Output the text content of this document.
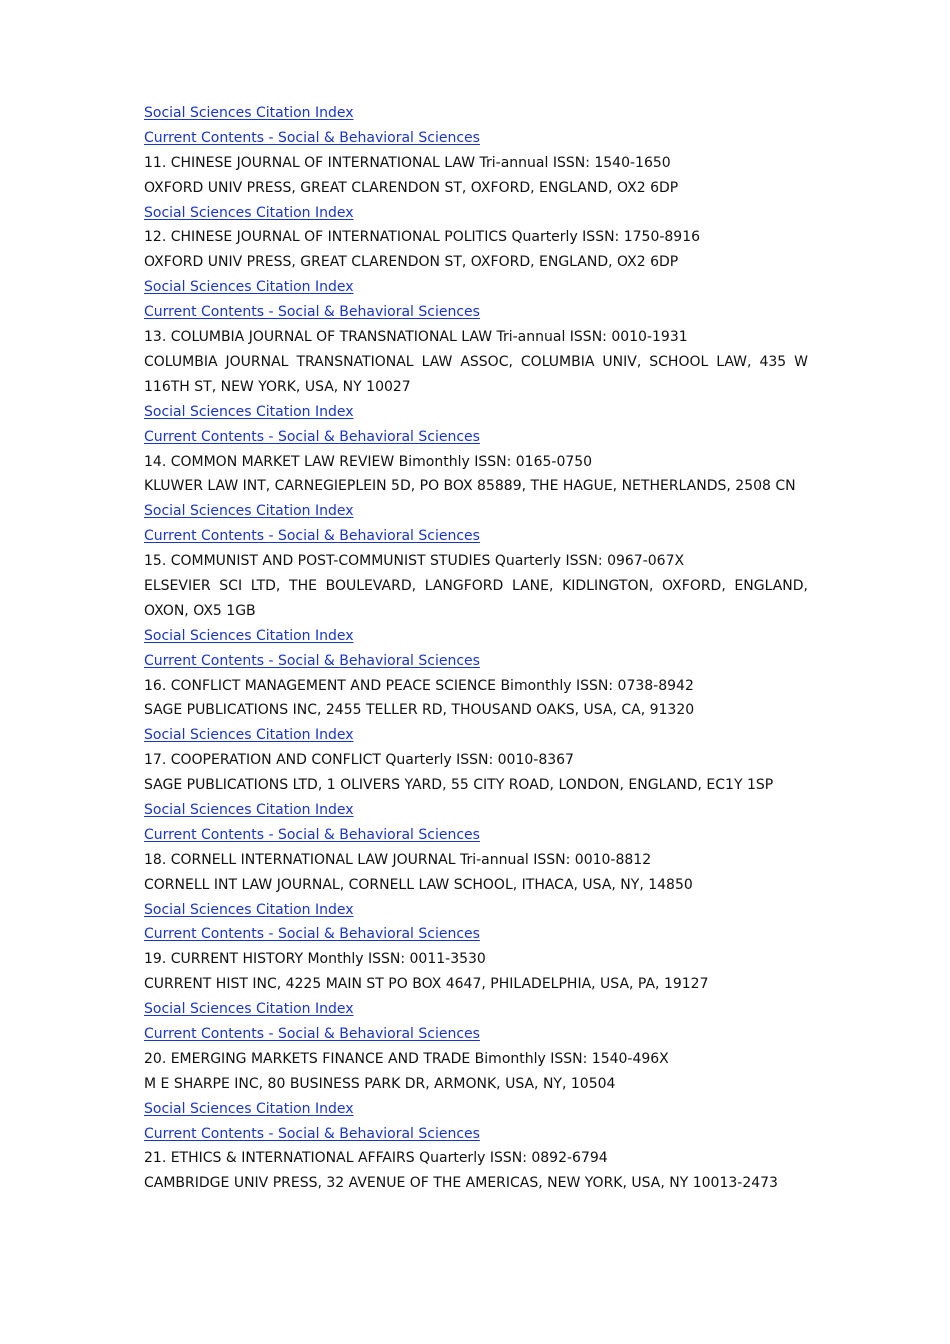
Social Sciences Citation Index
Current Contents - Social & Behavioral Sciences
11. CHINESE JOURNAL OF INTERNATIONAL LAW Tri-annual ISSN: 1540-1650
OXFORD UNIV PRESS, GREAT CLARENDON ST, OXFORD, ENGLAND, OX2 6DP
Social Sciences Citation Index
12. CHINESE JOURNAL OF INTERNATIONAL POLITICS Quarterly ISSN: 1750-8916
OXFORD UNIV PRESS, GREAT CLARENDON ST, OXFORD, ENGLAND, OX2 6DP
Social Sciences Citation Index
Current Contents - Social & Behavioral Sciences
13. COLUMBIA JOURNAL OF TRANSNATIONAL LAW Tri-annual ISSN: 0010-1931
COLUMBIA JOURNAL TRANSNATIONAL LAW ASSOC, COLUMBIA UNIV, SCHOOL LAW, 435 W 116TH ST, NEW YORK, USA, NY 10027
Social Sciences Citation Index
Current Contents - Social & Behavioral Sciences
14. COMMON MARKET LAW REVIEW Bimonthly ISSN: 0165-0750
KLUWER LAW INT, CARNEGIEPLEIN 5D, PO BOX 85889, THE HAGUE, NETHERLANDS, 2508 CN
Social Sciences Citation Index
Current Contents - Social & Behavioral Sciences
15. COMMUNIST AND POST-COMMUNIST STUDIES Quarterly ISSN: 0967-067X
ELSEVIER SCI LTD, THE BOULEVARD, LANGFORD LANE, KIDLINGTON, OXFORD, ENGLAND, OXON, OX5 1GB
Social Sciences Citation Index
Current Contents - Social & Behavioral Sciences
16. CONFLICT MANAGEMENT AND PEACE SCIENCE Bimonthly ISSN: 0738-8942
SAGE PUBLICATIONS INC, 2455 TELLER RD, THOUSAND OAKS, USA, CA, 91320
Social Sciences Citation Index
17. COOPERATION AND CONFLICT Quarterly ISSN: 0010-8367
SAGE PUBLICATIONS LTD, 1 OLIVERS YARD, 55 CITY ROAD, LONDON, ENGLAND, EC1Y 1SP
Social Sciences Citation Index
Current Contents - Social & Behavioral Sciences
18. CORNELL INTERNATIONAL LAW JOURNAL Tri-annual ISSN: 0010-8812
CORNELL INT LAW JOURNAL, CORNELL LAW SCHOOL, ITHACA, USA, NY, 14850
Social Sciences Citation Index
Current Contents - Social & Behavioral Sciences
19. CURRENT HISTORY Monthly ISSN: 0011-3530
CURRENT HIST INC, 4225 MAIN ST PO BOX 4647, PHILADELPHIA, USA, PA, 19127
Social Sciences Citation Index
Current Contents - Social & Behavioral Sciences
20. EMERGING MARKETS FINANCE AND TRADE Bimonthly ISSN: 1540-496X
M E SHARPE INC, 80 BUSINESS PARK DR, ARMONK, USA, NY, 10504
Social Sciences Citation Index
Current Contents - Social & Behavioral Sciences
21. ETHICS & INTERNATIONAL AFFAIRS Quarterly ISSN: 0892-6794
CAMBRIDGE UNIV PRESS, 32 AVENUE OF THE AMERICAS, NEW YORK, USA, NY 10013-2473
